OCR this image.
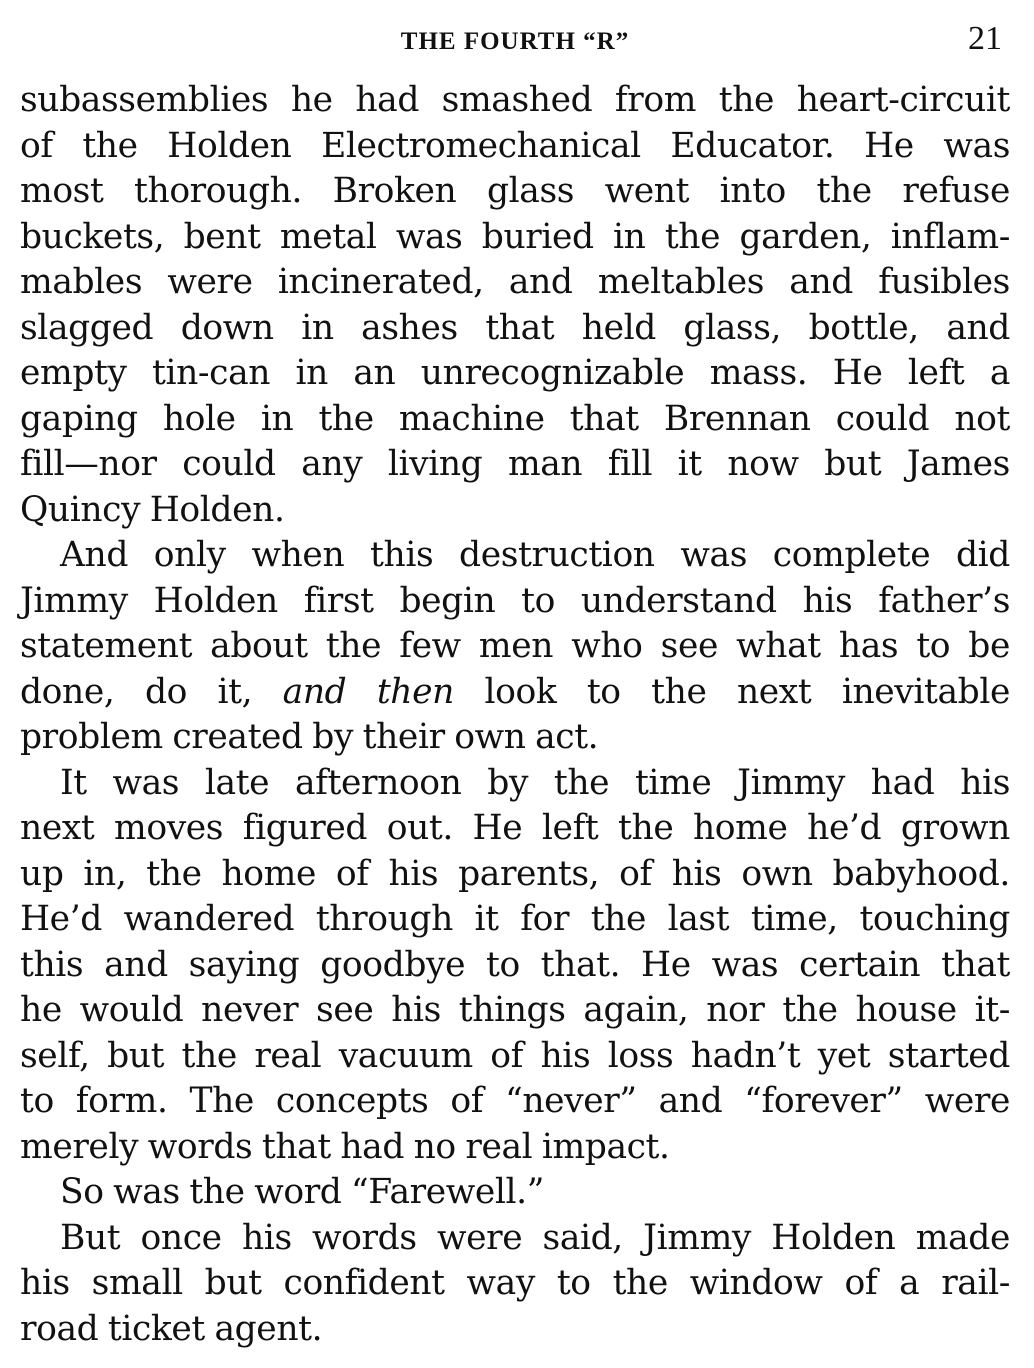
THE FOURTH “R”	21
subassemblies he had smashed from the heart-circuit
of the Holden Electromechanical Educator. He was
most thorough. Broken glass went into the refuse
buckets, bent metal was buried in the garden, inflam-
mables were incinerated, and meltables and fusibles
slagged down in ashes that held glass, bottle, and
empty tin-can in an unrecognizable mass. He left a
gaping hole in the machine that Brennan could not
fill—nor could any living man fill it now but James
Quincy Holden.
And only when this destruction was complete did
Jimmy Holden first begin to understand his father’s
statement about the few men who see what has to be
done, do it, and then look to the next inevitable
problem created by their own act.
It was late afternoon by the time Jimmy had his
next moves figured out. He left the home he’d grown
up in, the home of his parents, of his own babyhood.
He’d wandered through it for the last time, touching
this and saying goodbye to that. He was certain that
he would never see his things again, nor the house it-
self, but the real vacuum of his loss hadn’t yet started
to form. The concepts of “never” and “forever” were
merely words that had no real impact.
So was the word “Farewell.”
But once his words were said, Jimmy Holden made
his small but confident way to the window of a rail-
road ticket agent.
